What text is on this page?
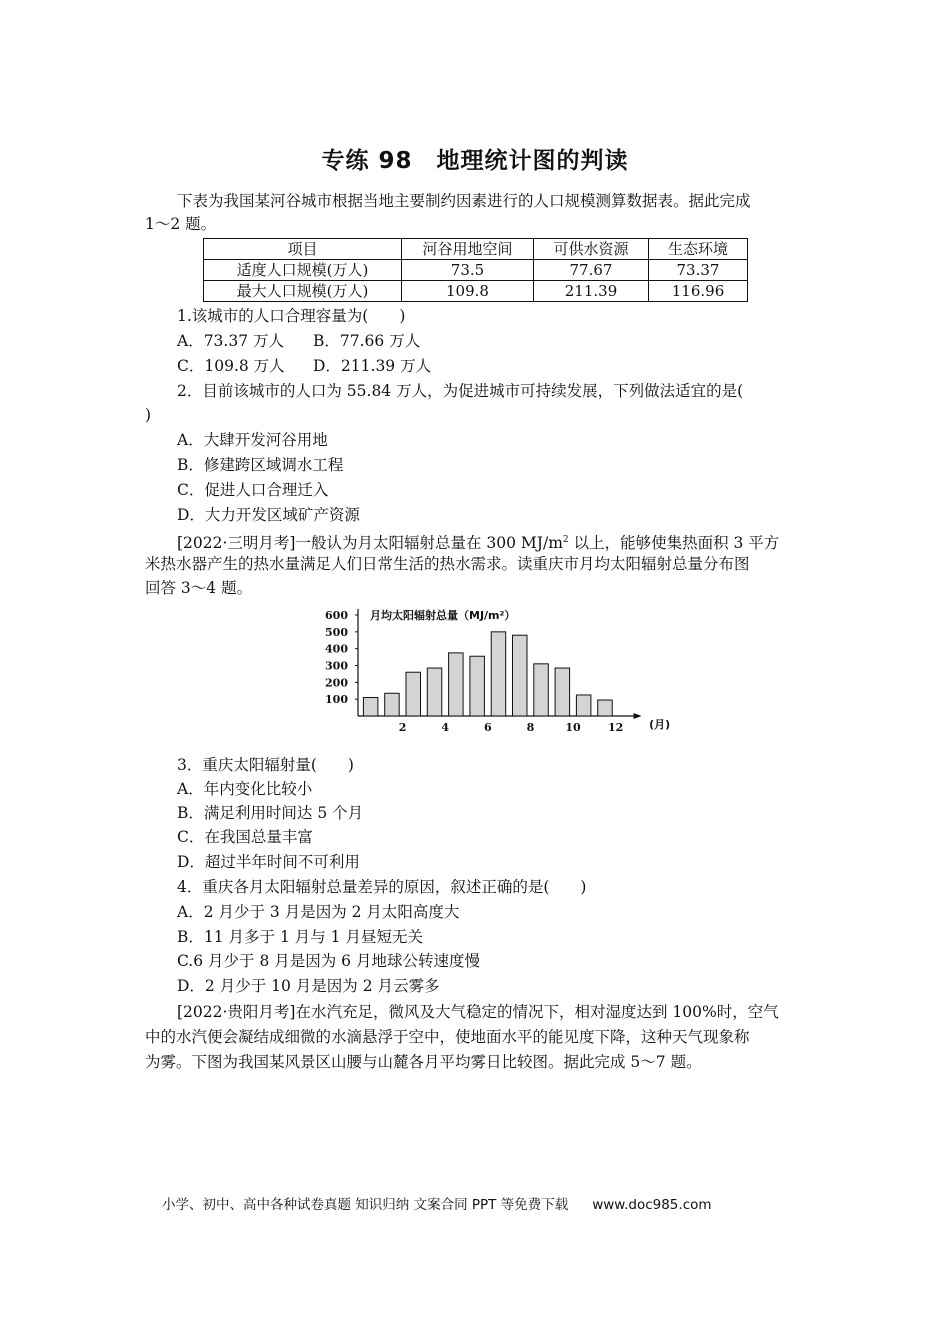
专练 98　地理统计图的判读
下表为我国某河谷城市根据当地主要制约因素进行的人口规模测算数据表。据此完成
1～2 题。
项目	河谷用地空间	可供水资源	生态环境
适度人口规模(万人)	73.5	77.67	73.37
最大人口规模(万人)	109.8	211.39	116.96
1.该城市的人口合理容量为(　　)
A．73.37 万人 B．77.66 万人
C．109.8 万人 D．211.39 万人
2．目前该城市的人口为 55.84 万人，为促进城市可持续发展，下列做法适宜的是(
)
A．大肆开发河谷用地
B．修建跨区域调水工程
C．促进人口合理迁入
D．大力开发区域矿产资源
[2022·三明月考]一般认为月太阳辐射总量在 300 $MJ/m^2$ 以上，能够使集热面积 3 平方
米热水器产生的热水量满足人们日常生活的热水需求。读重庆市月均太阳辐射总量分布图
回答 3～4 题。
100
200
300
400
500
600
2	4	6	8	10 12 (月)
月均太阳辐射总量（MJ/m²）
3．重庆太阳辐射量(　　)
A．年内变化比较小
B．满足利用时间达 5 个月
C．在我国总量丰富
D．超过半年时间不可利用
4．重庆各月太阳辐射总量差异的原因，叙述正确的是(　　)
A．2 月少于 3 月是因为 2 月太阳高度大
B．11 月多于 1 月与 1 月昼短无关
C.6 月少于 8 月是因为 6 月地球公转速度慢
D．2 月少于 10 月是因为 2 月云雾多
[2022·贵阳月考]在水汽充足，微风及大气稳定的情况下，相对湿度达到 100%时，空气
中的水汽便会凝结成细微的水滴悬浮于空中，使地面水平的能见度下降，这种天气现象称
为雾。下图为我国某风景区山腰与山麓各月平均雾日比较图。据此完成 5～7 题。
小学、初中、高中各种试卷真题 知识归纳 文案合同 PPT 等免费下载 www.doc985.com
